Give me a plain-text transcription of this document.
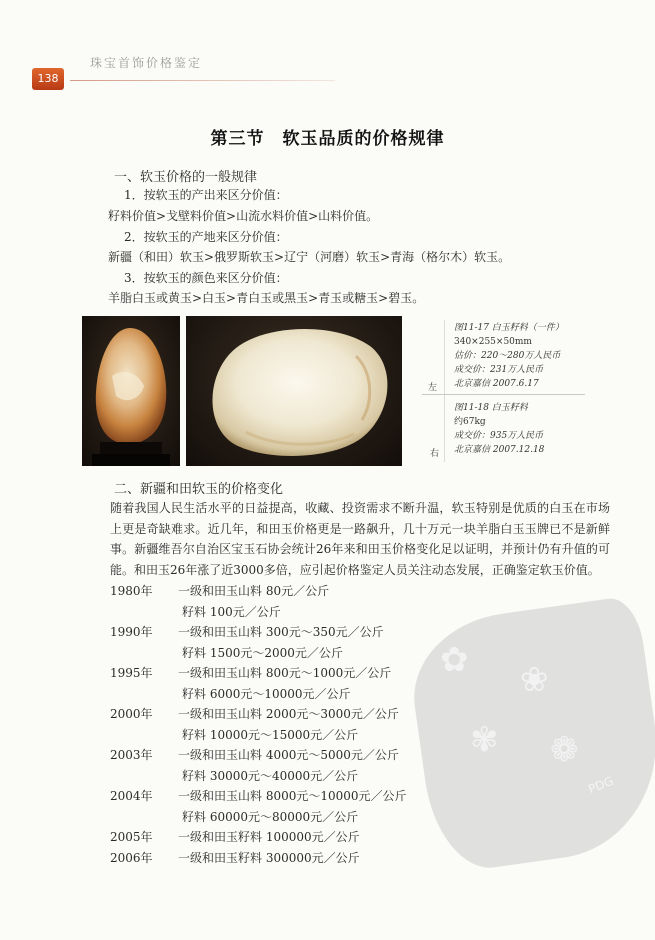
138
珠宝首饰价格鉴定
第三节　软玉品质的价格规律
一、软玉价格的一般规律
1．按软玉的产出来区分价值：
籽料价值>戈壁料价值>山流水料价值>山料价值。
2．按软玉的产地来区分价值：
新疆（和田）软玉>俄罗斯软玉>辽宁（河磨）软玉>青海（格尔木）软玉。
3．按软玉的颜色来区分价值：
羊脂白玉或黄玉>白玉>青白玉或黑玉>青玉或糖玉>碧玉。
图11-17 白玉籽料（一件）
340×255×50mm
估价：220～280万人民币
成交价：231万人民币
北京嘉信 2007.6.17
左
图11-18 白玉籽料
约67kg
成交价：935万人民币
北京嘉信 2007.12.18
右
✿ ❀
✾ ❁
PDG
二、新疆和田软玉的价格变化
随着我国人民生活水平的日益提高，收藏、投资需求不断升温，软玉特别是优质的白玉在市场上更是奇缺难求。近几年，和田玉价格更是一路飙升，几十万元一块羊脂白玉玉牌已不是新鲜事。新疆维吾尔自治区宝玉石协会统计26年来和田玉价格变化足以证明，并预计仍有升值的可能。和田玉26年涨了近3000多倍，应引起价格鉴定人员关注动态发展，正确鉴定软玉价值。
1980年 一级和田玉山料 80元／公斤
籽料 100元／公斤
1990年 一级和田玉山料 300元～350元／公斤
籽料 1500元～2000元／公斤
1995年 一级和田玉山料 800元～1000元／公斤
籽料 6000元～10000元／公斤
2000年 一级和田玉山料 2000元～3000元／公斤
籽料 10000元～15000元／公斤
2003年 一级和田玉山料 4000元～5000元／公斤
籽料 30000元～40000元／公斤
2004年 一级和田玉山料 8000元～10000元／公斤
籽料 60000元～80000元／公斤
2005年 一级和田玉籽料 100000元／公斤
2006年 一级和田玉籽料 300000元／公斤
